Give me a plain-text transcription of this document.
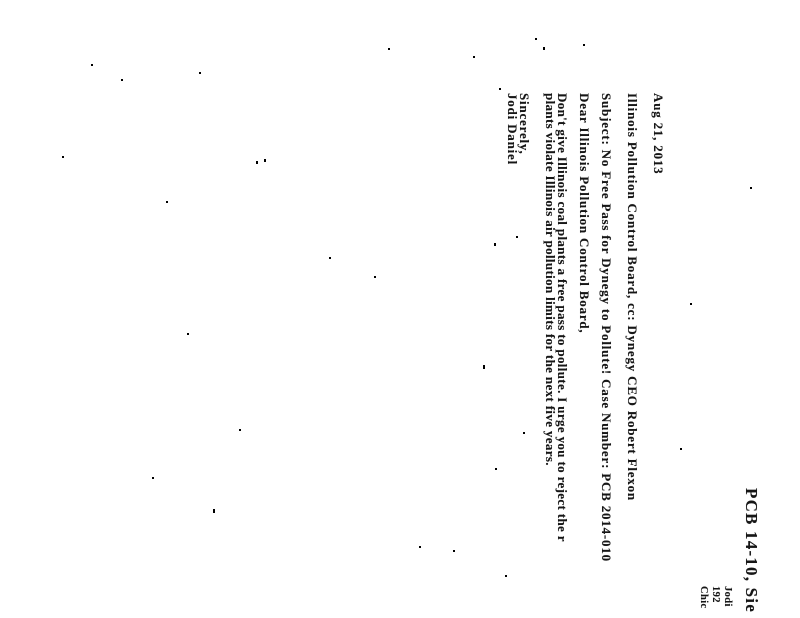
PCB 14-10, Sie
Jodi
192
Chic
Aug 21, 2013
Illinois Pollution Control Board, cc: Dynegy CEO Robert Flexon
Subject: No Free Pass for Dynegy to Pollute! Case Number: PCB 2014-010
Dear Illinois Pollution Control Board,
Don't give Illinois coal plants a free pass to pollute. I urge you to reject the r
plants violate Illinois air pollution limits for the next five years.
Sincerely,
Jodi Daniel
